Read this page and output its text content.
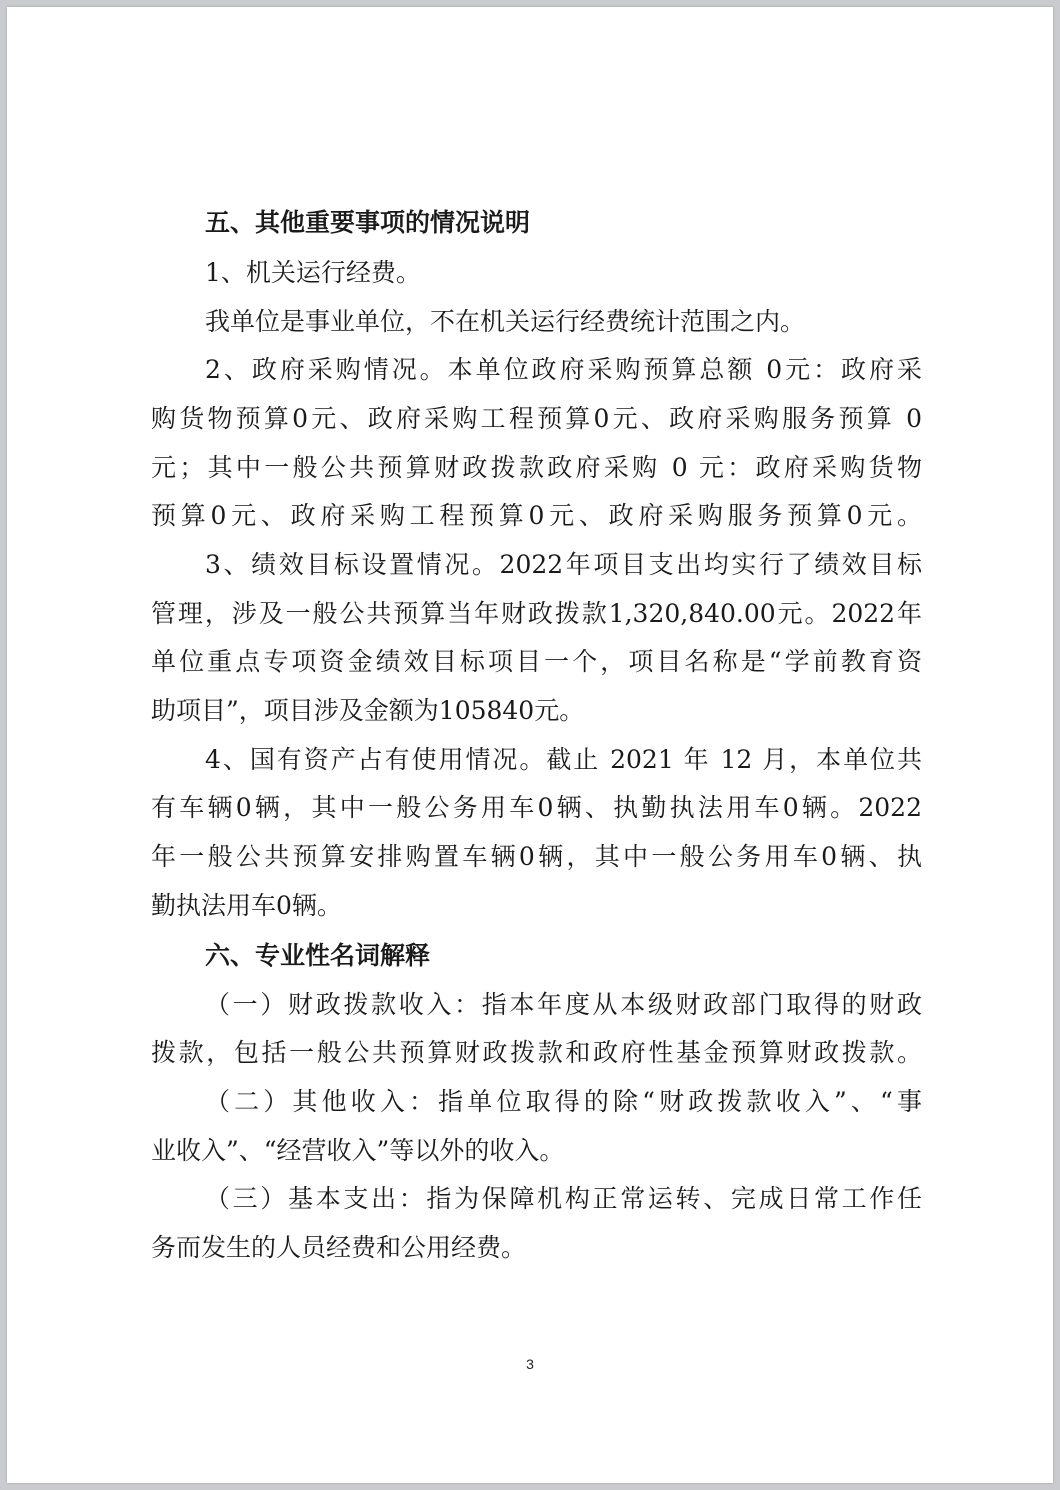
五、其他重要事项的情况说明
1、机关运行经费。
我单位是事业单位，不在机关运行经费统计范围之内。
2、政府采购情况。本单位政府采购预算总额 0元：政府采
购货物预算0元、政府采购工程预算0元、政府采购服务预算 0
元；其中一般公共预算财政拨款政府采购 0 元：政府采购货物
预算0元、政府采购工程预算0元、政府采购服务预算0元。
3、绩效目标设置情况。2022年项目支出均实行了绩效目标
管理，涉及一般公共预算当年财政拨款1,320,840.00元。2022年
单位重点专项资金绩效目标项目一个，项目名称是“学前教育资
助项目”，项目涉及金额为105840元。
4、国有资产占有使用情况。截止 2021 年 12 月，本单位共
有车辆0辆，其中一般公务用车0辆、执勤执法用车0辆。2022
年一般公共预算安排购置车辆0辆，其中一般公务用车0辆、执
勤执法用车0辆。
六、专业性名词解释
（一）财政拨款收入：指本年度从本级财政部门取得的财政
拨款，包括一般公共预算财政拨款和政府性基金预算财政拨款。
（二）其他收入：指单位取得的除“财政拨款收入”、“事
业收入”、“经营收入”等以外的收入。
（三）基本支出：指为保障机构正常运转、完成日常工作任
务而发生的人员经费和公用经费。
3
